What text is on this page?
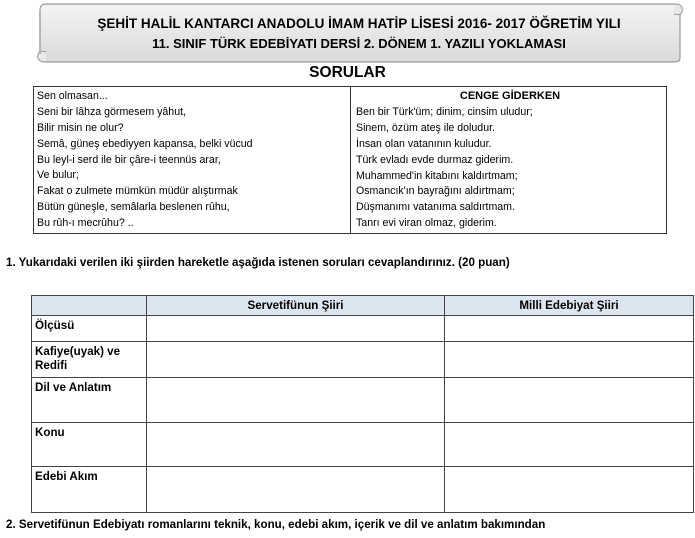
ŞEHİT HALİL KANTARCI ANADOLU İMAM HATİP LİSESİ 2016- 2017 ÖĞRETİM YILI
11. SINIF TÜRK EDEBİYATI DERSİ 2. DÖNEM 1. YAZILI YOKLAMASI
SORULAR
Sen olmasan...
Seni bir lâhza görmesem yâhut,
Bilir misin ne olur?
Semâ, güneş ebediyyen kapansa, belki vücud
Bu leyl-i serd ile bir çâre-i teennüs arar,
Ve bulur;
Fakat o zulmete mümkün müdür alıştırmak
Bütün güneşle, semâlarla beslenen rûhu,
Bu rûh-ı mecrûhu? ..
CENGE GİDERKEN
Ben bir Türk'üm; dinim, cinsim uludur;
Sinem, özüm ateş ile doludur.
İnsan olan vatanının kuludur.
Türk evladı evde durmaz giderim.
Muhammed'in kitabını kaldırtmam;
Osmancık'ın bayrağını aldırtmam;
Düşmanımı vatanıma saldırtmam.
Tanrı evi viran olmaz, giderim.
1. Yukarıdaki verilen iki şiirden hareketle aşağıda istenen soruları cevaplandırınız. (20 puan)
	Servetifünun Şiiri	Milli Edebiyat Şiiri
Ölçüsü		
Kafiye(uyak) ve Redifi		
Dil ve Anlatım		
Konu		
Edebi Akım		
2. Servetifünun Edebiyatı romanlarını teknik, konu, edebi akım, içerik ve dil ve anlatım bakımından
